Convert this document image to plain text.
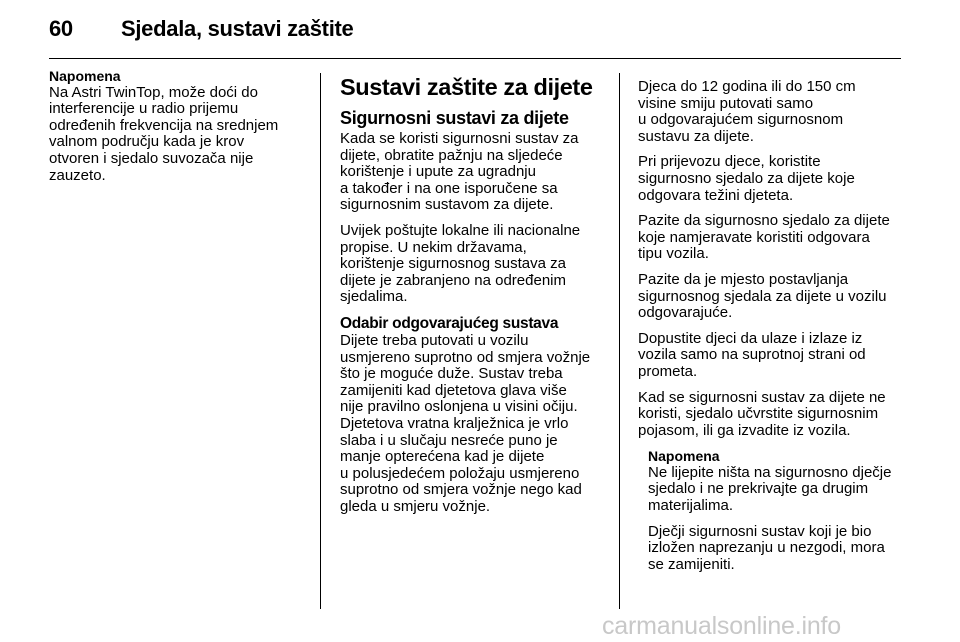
60 Sjedala, sustavi zaštite
Napomena

Na Astri TwinTop, može doći do
interferencije u radio prijemu
određenih frekvencija na srednjem
valnom području kada je krov
otvoren i sjedalo suvozača nije
zauzeto.

Sustavi zaštite za dijete
Sigurnosni sustavi za dijete

Kada se koristi sigurnosni sustav za
dijete, obratite pažnju na sljedeće
korištenje i upute za ugradnju
a također i na one isporučene sa
sigurnosnim sustavom za dijete.

Uvijek poštujte lokalne ili nacionalne
propise. U nekim državama,
korištenje sigurnosnog sustava za
dijete je zabranjeno na određenim
sjedalima.

Odabir odgovarajućeg sustava

Dijete treba putovati u vozilu
usmjereno suprotno od smjera vožnje
što je moguće duže. Sustav treba
zamijeniti kad djetetova glava više
nije pravilno oslonjena u visini očiju.
Djetetova vratna kralježnica je vrlo
slaba i u slučaju nesreće puno je
manje opterećena kad je dijete
u polusjedećem položaju usmjereno
suprotno od smjera vožnje nego kad
gleda u smjeru vožnje.

Djeca do 12 godina ili do 150 cm
visine smiju putovati samo
u odgovarajućem sigurnosnom
sustavu za dijete.

Pri prijevozu djece, koristite
sigurnosno sjedalo za dijete koje
odgovara težini djeteta.

Pazite da sigurnosno sjedalo za dijete
koje namjeravate koristiti odgovara
tipu vozila.

Pazite da je mjesto postavljanja
sigurnosnog sjedala za dijete u vozilu
odgovarajuće.

Dopustite djeci da ulaze i izlaze iz
vozila samo na suprotnoj strani od
prometa.

Kad se sigurnosni sustav za dijete ne
koristi, sjedalo učvrstite sigurnosnim
pojasom, ili ga izvadite iz vozila.

Napomena

Ne lijepite ništa na sigurnosno dječje
sjedalo i ne prekrivajte ga drugim
materijalima.

Dječji sigurnosni sustav koji je bio
izložen naprezanju u nezgodi, mora
se zamijeniti.

carmanualsonline.info
